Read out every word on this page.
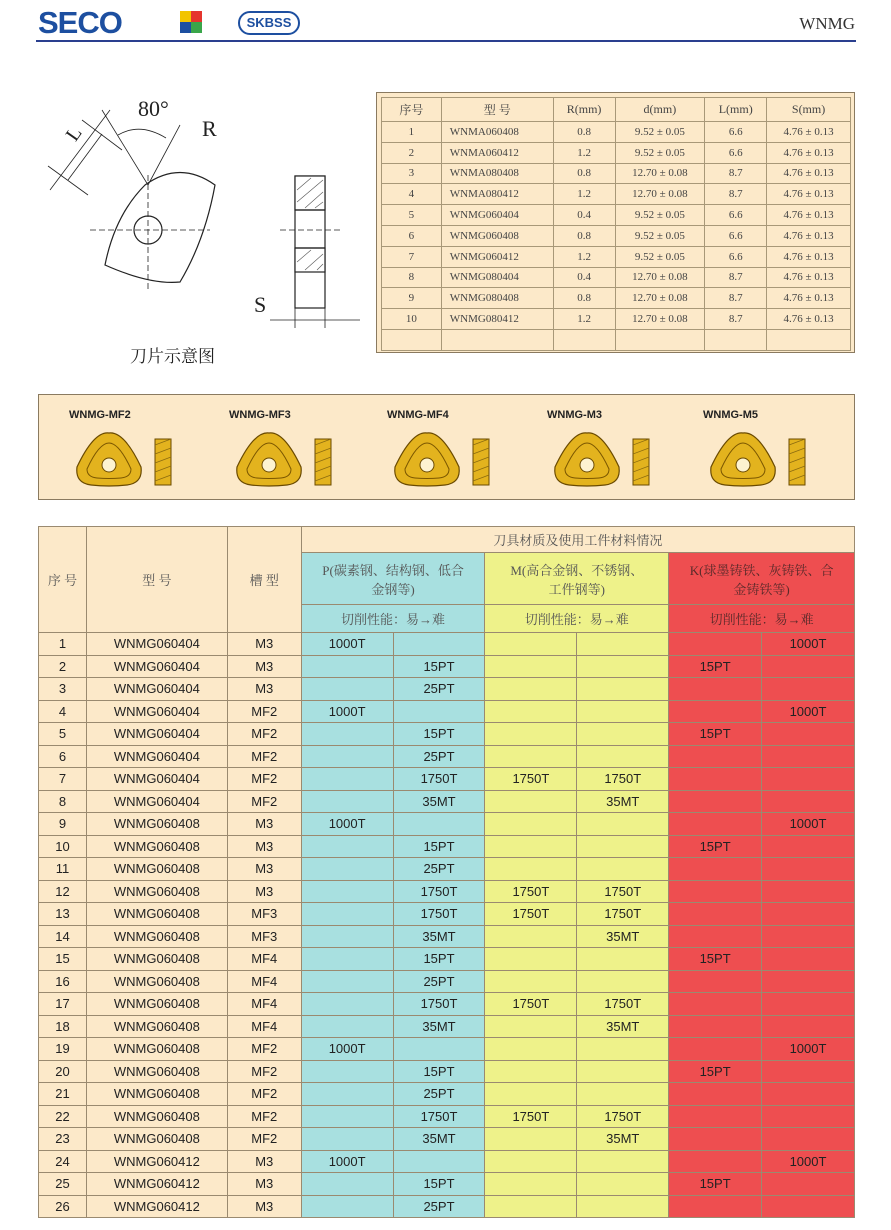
SECO	SKBSS	WNMG
80°
R
L
S
刀片示意图
序号	型 号	R(mm)	d(mm)	L(mm)	S(mm)
1	WNMA060408	0.8	9.52 ± 0.05	6.6	4.76 ± 0.13
2	WNMA060412	1.2	9.52 ± 0.05	6.6	4.76 ± 0.13
3	WNMA080408	0.8	12.70 ± 0.08	8.7	4.76 ± 0.13
4	WNMA080412	1.2	12.70 ± 0.08	8.7	4.76 ± 0.13
5	WNMG060404	0.4	9.52 ± 0.05	6.6	4.76 ± 0.13
6	WNMG060408	0.8	9.52 ± 0.05	6.6	4.76 ± 0.13
7	WNMG060412	1.2	9.52 ± 0.05	6.6	4.76 ± 0.13
8	WNMG080404	0.4	12.70 ± 0.08	8.7	4.76 ± 0.13
9	WNMG080408	0.8	12.70 ± 0.08	8.7	4.76 ± 0.13
10	WNMG080412	1.2	12.70 ± 0.08	8.7	4.76 ± 0.13

WNMG-MF2	WNMG-MF3	WNMG-MF4	WNMG-M3	WNMG-M5
序 号	型 号	槽 型	刀具材质及使用工件材料情况					
			P(碳素钢、结构钢、低合金钢等)		M(高合金钢、不锈钢、工件钢等)		K(球墨铸铁、灰铸铁、合金铸铁等)	
			切削性能：易→难		切削性能：易→难		切削性能：易→难	
1	WNMG060404	M3	1000T					1000T
2	WNMG060404	M3		15PT			15PT	
3	WNMG060404	M3		25PT				
4	WNMG060404	MF2	1000T					1000T
5	WNMG060404	MF2		15PT			15PT	
6	WNMG060404	MF2		25PT				
7	WNMG060404	MF2		1750T	1750T	1750T		
8	WNMG060404	MF2		35MT		35MT		
9	WNMG060408	M3	1000T					1000T
10	WNMG060408	M3		15PT			15PT	
11	WNMG060408	M3		25PT				
12	WNMG060408	M3		1750T	1750T	1750T		
13	WNMG060408	MF3		1750T	1750T	1750T		
14	WNMG060408	MF3		35MT		35MT		
15	WNMG060408	MF4		15PT			15PT	
16	WNMG060408	MF4		25PT				
17	WNMG060408	MF4		1750T	1750T	1750T		
18	WNMG060408	MF4		35MT		35MT		
19	WNMG060408	MF2	1000T					1000T
20	WNMG060408	MF2		15PT			15PT	
21	WNMG060408	MF2		25PT				
22	WNMG060408	MF2		1750T	1750T	1750T		
23	WNMG060408	MF2		35MT		35MT		
24	WNMG060412	M3	1000T					1000T
25	WNMG060412	M3		15PT			15PT	
26	WNMG060412	M3		25PT				
